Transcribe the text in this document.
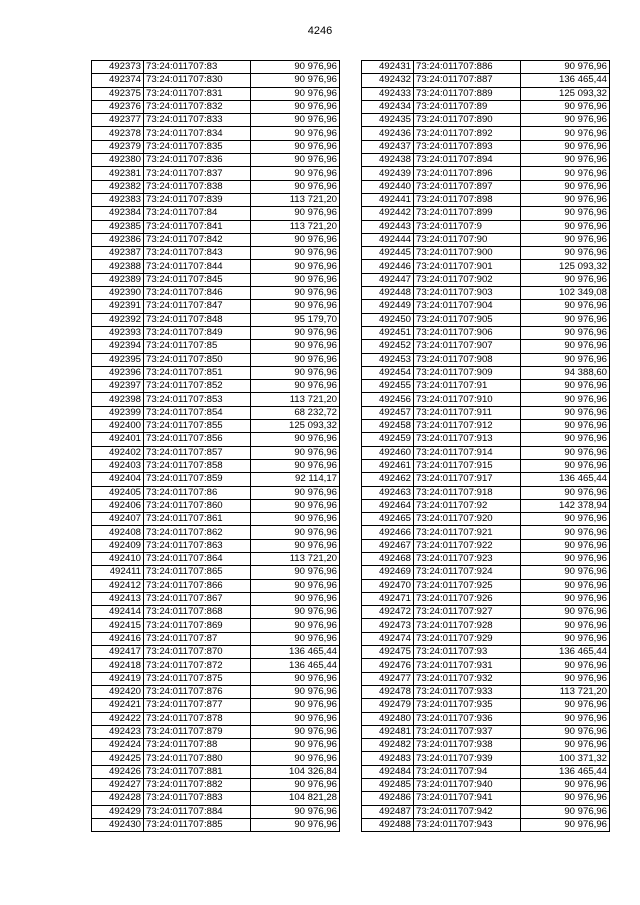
4246
492373	73:24:011707:83	90 976,96
492374	73:24:011707:830	90 976,96
492375	73:24:011707:831	90 976,96
492376	73:24:011707:832	90 976,96
492377	73:24:011707:833	90 976,96
492378	73:24:011707:834	90 976,96
492379	73:24:011707:835	90 976,96
492380	73:24:011707:836	90 976,96
492381	73:24:011707:837	90 976,96
492382	73:24:011707:838	90 976,96
492383	73:24:011707:839	113 721,20
492384	73:24:011707:84	90 976,96
492385	73:24:011707:841	113 721,20
492386	73:24:011707:842	90 976,96
492387	73:24:011707:843	90 976,96
492388	73:24:011707:844	90 976,96
492389	73:24:011707:845	90 976,96
492390	73:24:011707:846	90 976,96
492391	73:24:011707:847	90 976,96
492392	73:24:011707:848	95 179,70
492393	73:24:011707:849	90 976,96
492394	73:24:011707:85	90 976,96
492395	73:24:011707:850	90 976,96
492396	73:24:011707:851	90 976,96
492397	73:24:011707:852	90 976,96
492398	73:24:011707:853	113 721,20
492399	73:24:011707:854	68 232,72
492400	73:24:011707:855	125 093,32
492401	73:24:011707:856	90 976,96
492402	73:24:011707:857	90 976,96
492403	73:24:011707:858	90 976,96
492404	73:24:011707:859	92 114,17
492405	73:24:011707:86	90 976,96
492406	73:24:011707:860	90 976,96
492407	73:24:011707:861	90 976,96
492408	73:24:011707:862	90 976,96
492409	73:24:011707:863	90 976,96
492410	73:24:011707:864	113 721,20
492411	73:24:011707:865	90 976,96
492412	73:24:011707:866	90 976,96
492413	73:24:011707:867	90 976,96
492414	73:24:011707:868	90 976,96
492415	73:24:011707:869	90 976,96
492416	73:24:011707:87	90 976,96
492417	73:24:011707:870	136 465,44
492418	73:24:011707:872	136 465,44
492419	73:24:011707:875	90 976,96
492420	73:24:011707:876	90 976,96
492421	73:24:011707:877	90 976,96
492422	73:24:011707:878	90 976,96
492423	73:24:011707:879	90 976,96
492424	73:24:011707:88	90 976,96
492425	73:24:011707:880	90 976,96
492426	73:24:011707:881	104 326,84
492427	73:24:011707:882	90 976,96
492428	73:24:011707:883	104 821,28
492429	73:24:011707:884	90 976,96
492430	73:24:011707:885	90 976,96
492431	73:24:011707:886	90 976,96
492432	73:24:011707:887	136 465,44
492433	73:24:011707:889	125 093,32
492434	73:24:011707:89	90 976,96
492435	73:24:011707:890	90 976,96
492436	73:24:011707:892	90 976,96
492437	73:24:011707:893	90 976,96
492438	73:24:011707:894	90 976,96
492439	73:24:011707:896	90 976,96
492440	73:24:011707:897	90 976,96
492441	73:24:011707:898	90 976,96
492442	73:24:011707:899	90 976,96
492443	73:24:011707:9	90 976,96
492444	73:24:011707:90	90 976,96
492445	73:24:011707:900	90 976,96
492446	73:24:011707:901	125 093,32
492447	73:24:011707:902	90 976,96
492448	73:24:011707:903	102 349,08
492449	73:24:011707:904	90 976,96
492450	73:24:011707:905	90 976,96
492451	73:24:011707:906	90 976,96
492452	73:24:011707:907	90 976,96
492453	73:24:011707:908	90 976,96
492454	73:24:011707:909	94 388,60
492455	73:24:011707:91	90 976,96
492456	73:24:011707:910	90 976,96
492457	73:24:011707:911	90 976,96
492458	73:24:011707:912	90 976,96
492459	73:24:011707:913	90 976,96
492460	73:24:011707:914	90 976,96
492461	73:24:011707:915	90 976,96
492462	73:24:011707:917	136 465,44
492463	73:24:011707:918	90 976,96
492464	73:24:011707:92	142 378,94
492465	73:24:011707:920	90 976,96
492466	73:24:011707:921	90 976,96
492467	73:24:011707:922	90 976,96
492468	73:24:011707:923	90 976,96
492469	73:24:011707:924	90 976,96
492470	73:24:011707:925	90 976,96
492471	73:24:011707:926	90 976,96
492472	73:24:011707:927	90 976,96
492473	73:24:011707:928	90 976,96
492474	73:24:011707:929	90 976,96
492475	73:24:011707:93	136 465,44
492476	73:24:011707:931	90 976,96
492477	73:24:011707:932	90 976,96
492478	73:24:011707:933	113 721,20
492479	73:24:011707:935	90 976,96
492480	73:24:011707:936	90 976,96
492481	73:24:011707:937	90 976,96
492482	73:24:011707:938	90 976,96
492483	73:24:011707:939	100 371,32
492484	73:24:011707:94	136 465,44
492485	73:24:011707:940	90 976,96
492486	73:24:011707:941	90 976,96
492487	73:24:011707:942	90 976,96
492488	73:24:011707:943	90 976,96
